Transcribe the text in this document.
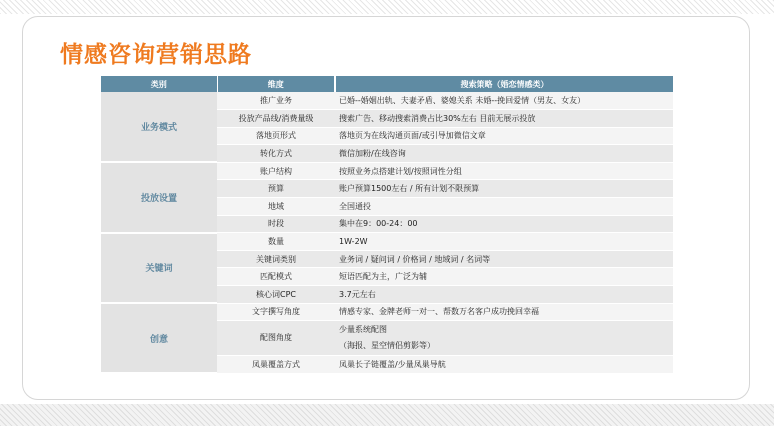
情感咨询营销思路
类别	维度	搜索策略（婚恋情感类）
业务模式	推广业务	已婚--婚姻出轨、夫妻矛盾、婆媳关系 未婚--挽回爱情（男友、女友）
	投放产品线/消费量级	搜索广告、移动搜索消费占比30%左右 目前无展示投放
	落地页形式	落地页为在线沟通页面/或引导加微信文章
	转化方式	微信加粉/在线咨询
投放设置	账户结构	按照业务点搭建计划/按照词性分组
	预算	账户预算1500左右 / 所有计划不限预算
	地域	全国通投
	时段	集中在9：00-24：00
关键词	数量	1W-2W
	关键词类别	业务词 / 疑问词 / 价格词 / 地域词 / 名词等
	匹配模式	短语匹配为主，广泛为辅
	核心词CPC	3.7元左右
创意	文字撰写角度	情感专家、金牌老师一对一、帮数万名客户成功挽回幸福
	配图角度	少量系统配图
（海报、星空情侣剪影等）

	凤巢覆盖方式	凤巢长子链覆盖/少量凤巢导航
